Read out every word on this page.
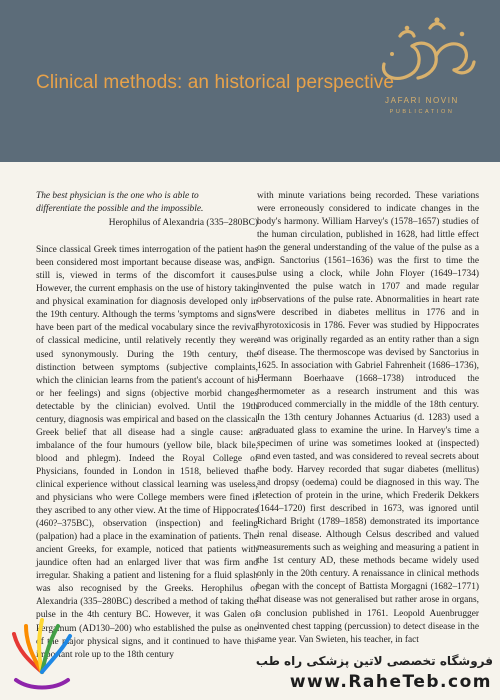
Clinical methods: an historical perspective
JAFARI NOVIN
PUBLICATION
The best physician is the one who is able to
differentiate the possible and the impossible.
Herophilus of Alexandria (335–280BC)

Since classical Greek times interrogation of the patient has been considered most important because disease was, and still is, viewed in terms of the discomfort it causes. However, the current emphasis on the use of history taking and physical examination for diagnosis developed only in the 19th century. Although the terms 'symptoms and signs' have been part of the medical vocabulary since the revival of classical medicine, until relatively recently they were used synonymously. During the 19th century, the distinction between symptoms (subjective complaints, which the clinician learns from the patient's account of his or her feelings) and signs (objective morbid changes detectable by the clinician) evolved. Until the 19th century, diagnosis was empirical and based on the classical Greek belief that all disease had a single cause: an imbalance of the four humours (yellow bile, black bile, blood and phlegm). Indeed the Royal College of Physicians, founded in London in 1518, believed that clinical experience without classical learning was useless, and physicians who were College members were fined if they ascribed to any other view. At the time of Hippocrates (460?–375BC), observation (inspection) and feeling (palpation) had a place in the examination of patients. The ancient Greeks, for example, noticed that patients with jaundice often had an enlarged liver that was firm and irregular. Shaking a patient and listening for a fluid splash was also recognised by the Greeks. Herophilus of Alexandria (335–280BC) described a method of taking the pulse in the 4th century BC. However, it was Galen of Pergamum (AD130–200) who established the pulse as one of the major physical signs, and it continued to have this important role up to the 18th century

with minute variations being recorded. These variations were erroneously considered to indicate changes in the body's harmony. William Harvey's (1578–1657) studies of the human circulation, published in 1628, had little effect on the general understanding of the value of the pulse as a sign. Sanctorius (1561–1636) was the first to time the pulse using a clock, while John Floyer (1649–1734) invented the pulse watch in 1707 and made regular observations of the pulse rate. Abnormalities in heart rate were described in diabetes mellitus in 1776 and in thyrotoxicosis in 1786. Fever was studied by Hippocrates and was originally regarded as an entity rather than a sign of disease. The thermoscope was devised by Sanctorius in 1625. In association with Gabriel Fahrenheit (1686–1736), Hermann Boerhaave (1668–1738) introduced the thermometer as a research instrument and this was produced commercially in the middle of the 18th century. In the 13th century Johannes Actuarius (d. 1283) used a graduated glass to examine the urine. In Harvey's time a specimen of urine was sometimes looked at (inspected) and even tasted, and was considered to reveal secrets about the body. Harvey recorded that sugar diabetes (mellitus) and dropsy (oedema) could be diagnosed in this way. The detection of protein in the urine, which Frederik Dekkers (1644–1720) first described in 1673, was ignored until Richard Bright (1789–1858) demonstrated its importance in renal disease. Although Celsus described and valued measurements such as weighing and measuring a patient in the 1st century AD, these methods became widely used only in the 20th century. A renaissance in clinical methods began with the concept of Battista Morgagni (1682–1771) that disease was not generalised but rather arose in organs, a conclusion published in 1761. Leopold Auenbrugger invented chest tapping (percussion) to detect disease in the same year. Van Swieten, his teacher, in fact

فروشگاه تخصصی لاتین پزشکی راه طب
www.RaheTeb.com
